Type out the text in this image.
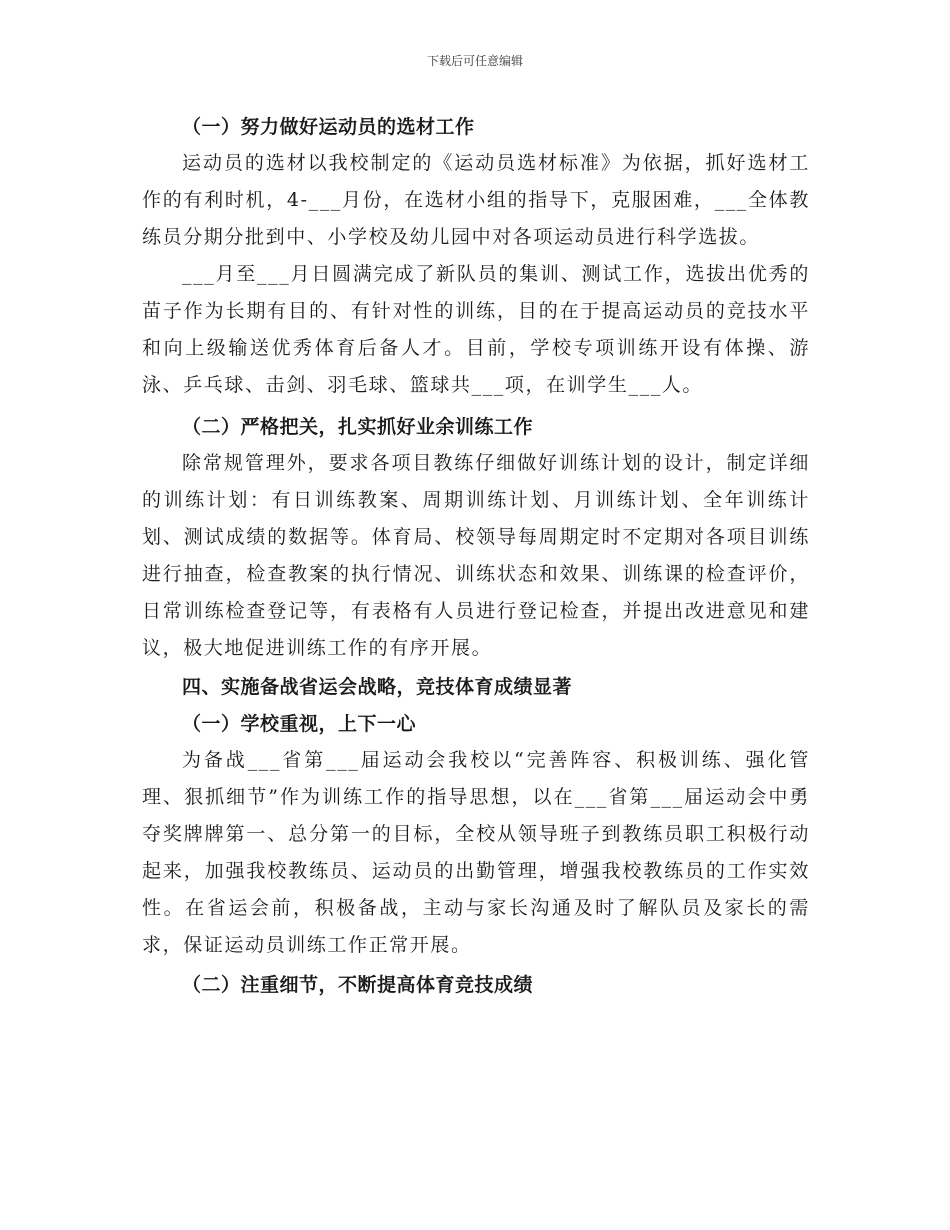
下载后可任意编辑

（一）努力做好运动员的选材工作

运动员的选材以我校制定的《运动员选材标准》为依据，抓好选材工作的有利时机，4-___月份，在选材小组的指导下，克服困难，___全体教练员分期分批到中、小学校及幼儿园中对各项运动员进行科学选拔。

___月至___月日圆满完成了新队员的集训、测试工作，选拔出优秀的苗子作为长期有目的、有针对性的训练，目的在于提高运动员的竞技水平和向上级输送优秀体育后备人才。目前，学校专项训练开设有体操、游泳、乒乓球、击剑、羽毛球、篮球共___项，在训学生___人。

（二）严格把关，扎实抓好业余训练工作

除常规管理外，要求各项目教练仔细做好训练计划的设计，制定详细的训练计划：有日训练教案、周期训练计划、月训练计划、全年训练计划、测试成绩的数据等。体育局、校领导每周期定时不定期对各项目训练进行抽查，检查教案的执行情况、训练状态和效果、训练课的检查评价，日常训练检查登记等，有表格有人员进行登记检查，并提出改进意见和建议，极大地促进训练工作的有序开展。

四、实施备战省运会战略，竞技体育成绩显著

（一）学校重视，上下一心

为备战___省第___届运动会我校以“完善阵容、积极训练、强化管理、狠抓细节”作为训练工作的指导思想，以在___省第___届运动会中勇夺奖牌牌第一、总分第一的目标，全校从领导班子到教练员职工积极行动起来，加强我校教练员、运动员的出勤管理，增强我校教练员的工作实效性。在省运会前，积极备战，主动与家长沟通及时了解队员及家长的需求，保证运动员训练工作正常开展。

（二）注重细节，不断提高体育竞技成绩
